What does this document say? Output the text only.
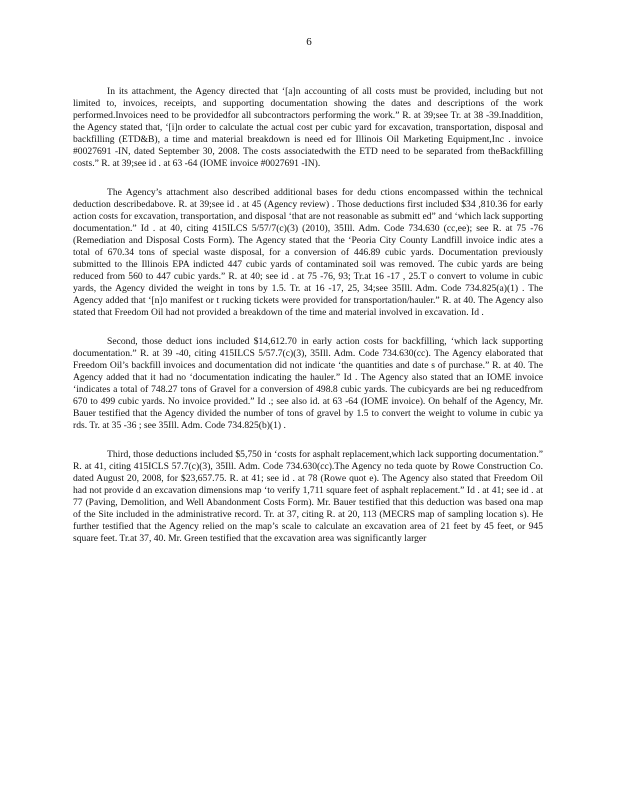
6

In its attachment, the Agency directed that ‘[a]n accounting of all costs must be provided, including but not limited to, invoices, receipts, and supporting documentation showing the dates and descriptions of the work performed.Invoices need to be providedfor all subcontractors performing the work.” R. at 39;see Tr. at 38 -39.Inaddition, the Agency stated that, ‘[i]n order to calculate the actual cost per cubic yard for excavation, transportation, disposal and backfilling (ETD&B), a time and material breakdown is need ed for Illinois Oil Marketing Equipment,Inc . invoice #0027691 -IN, dated September 30, 2008. The costs associatedwith the ETD need to be separated from theBackfilling costs.” R. at 39;see id . at 63 -64 (IOME invoice #0027691 -IN).

The Agency’s attachment also described additional bases for dedu ctions encompassed within the technical deduction describedabove. R. at 39;see id . at 45 (Agency review) . Those deductions first included $34 ,810.36 for early action costs for excavation, transportation, and disposal ‘that are not reasonable as submitt ed” and ‘which lack supporting documentation.” Id . at 40, citing 415ILCS 5/57/7(c)(3) (2010), 35Ill. Adm. Code 734.630 (cc,ee); see R. at 75 -76 (Remediation and Disposal Costs Form). The Agency stated that the ‘Peoria City County Landfill invoice indic ates a total of 670.34 tons of special waste disposal, for a conversion of 446.89 cubic yards. Documentation previously submitted to the Illinois EPA indicted 447 cubic yards of contaminated soil was removed. The cubic yards are being reduced from 560 to 447 cubic yards.” R. at 40; see id . at 75 -76, 93; Tr.at 16 -17 , 25.T o convert to volume in cubic yards, the Agency divided the weight in tons by 1.5. Tr. at 16 -17, 25, 34;see 35Ill. Adm. Code 734.825(a)(1) . The Agency added that ‘[n]o manifest or t rucking tickets were provided for transportation/hauler.” R. at 40. The Agency also stated that Freedom Oil had not provided a breakdown of the time and material involved in excavation. Id .

Second, those deduct ions included $14,612.70 in early action costs for backfilling, ‘which lack supporting documentation.” R. at 39 -40, citing 415ILCS 5/57.7(c)(3), 35Ill. Adm. Code 734.630(cc). The Agency elaborated that Freedom Oil’s backfill invoices and documentation did not indicate ‘the quantities and date s of purchase.” R. at 40. The Agency added that it had no ‘documentation indicating the hauler.” Id . The Agency also stated that an IOME invoice ‘indicates a total of 748.27 tons of Gravel for a conversion of 498.8 cubic yards. The cubicyards are bei ng reducedfrom 670 to 499 cubic yards. No invoice provided.” Id .; see also id. at 63 -64 (IOME invoice). On behalf of the Agency, Mr. Bauer testified that the Agency divided the number of tons of gravel by 1.5 to convert the weight to volume in cubic ya rds. Tr. at 35 -36 ; see 35Ill. Adm. Code 734.825(b)(1) .

Third, those deductions included $5,750 in ‘costs for asphalt replacement,which lack supporting documentation.” R. at 41, citing 415ICLS 57.7(c)(3), 35Ill. Adm. Code 734.630(cc).The Agency no teda quote by Rowe Construction Co. dated August 20, 2008, for $23,657.75. R. at 41; see id . at 78 (Rowe quot e). The Agency also stated that Freedom Oil had not provide d an excavation dimensions map ‘to verify 1,711 square feet of asphalt replacement.” Id . at 41; see id . at 77 (Paving, Demolition, and Well Abandonment Costs Form). Mr. Bauer testified that this deduction was based ona map of the Site included in the administrative record. Tr. at 37, citing R. at 20, 113 (MECRS map of sampling location s). He further testified that the Agency relied on the map’s scale to calculate an excavation area of 21 feet by 45 feet, or 945 square feet. Tr.at 37, 40. Mr. Green testified that the excavation area was significantly larger
